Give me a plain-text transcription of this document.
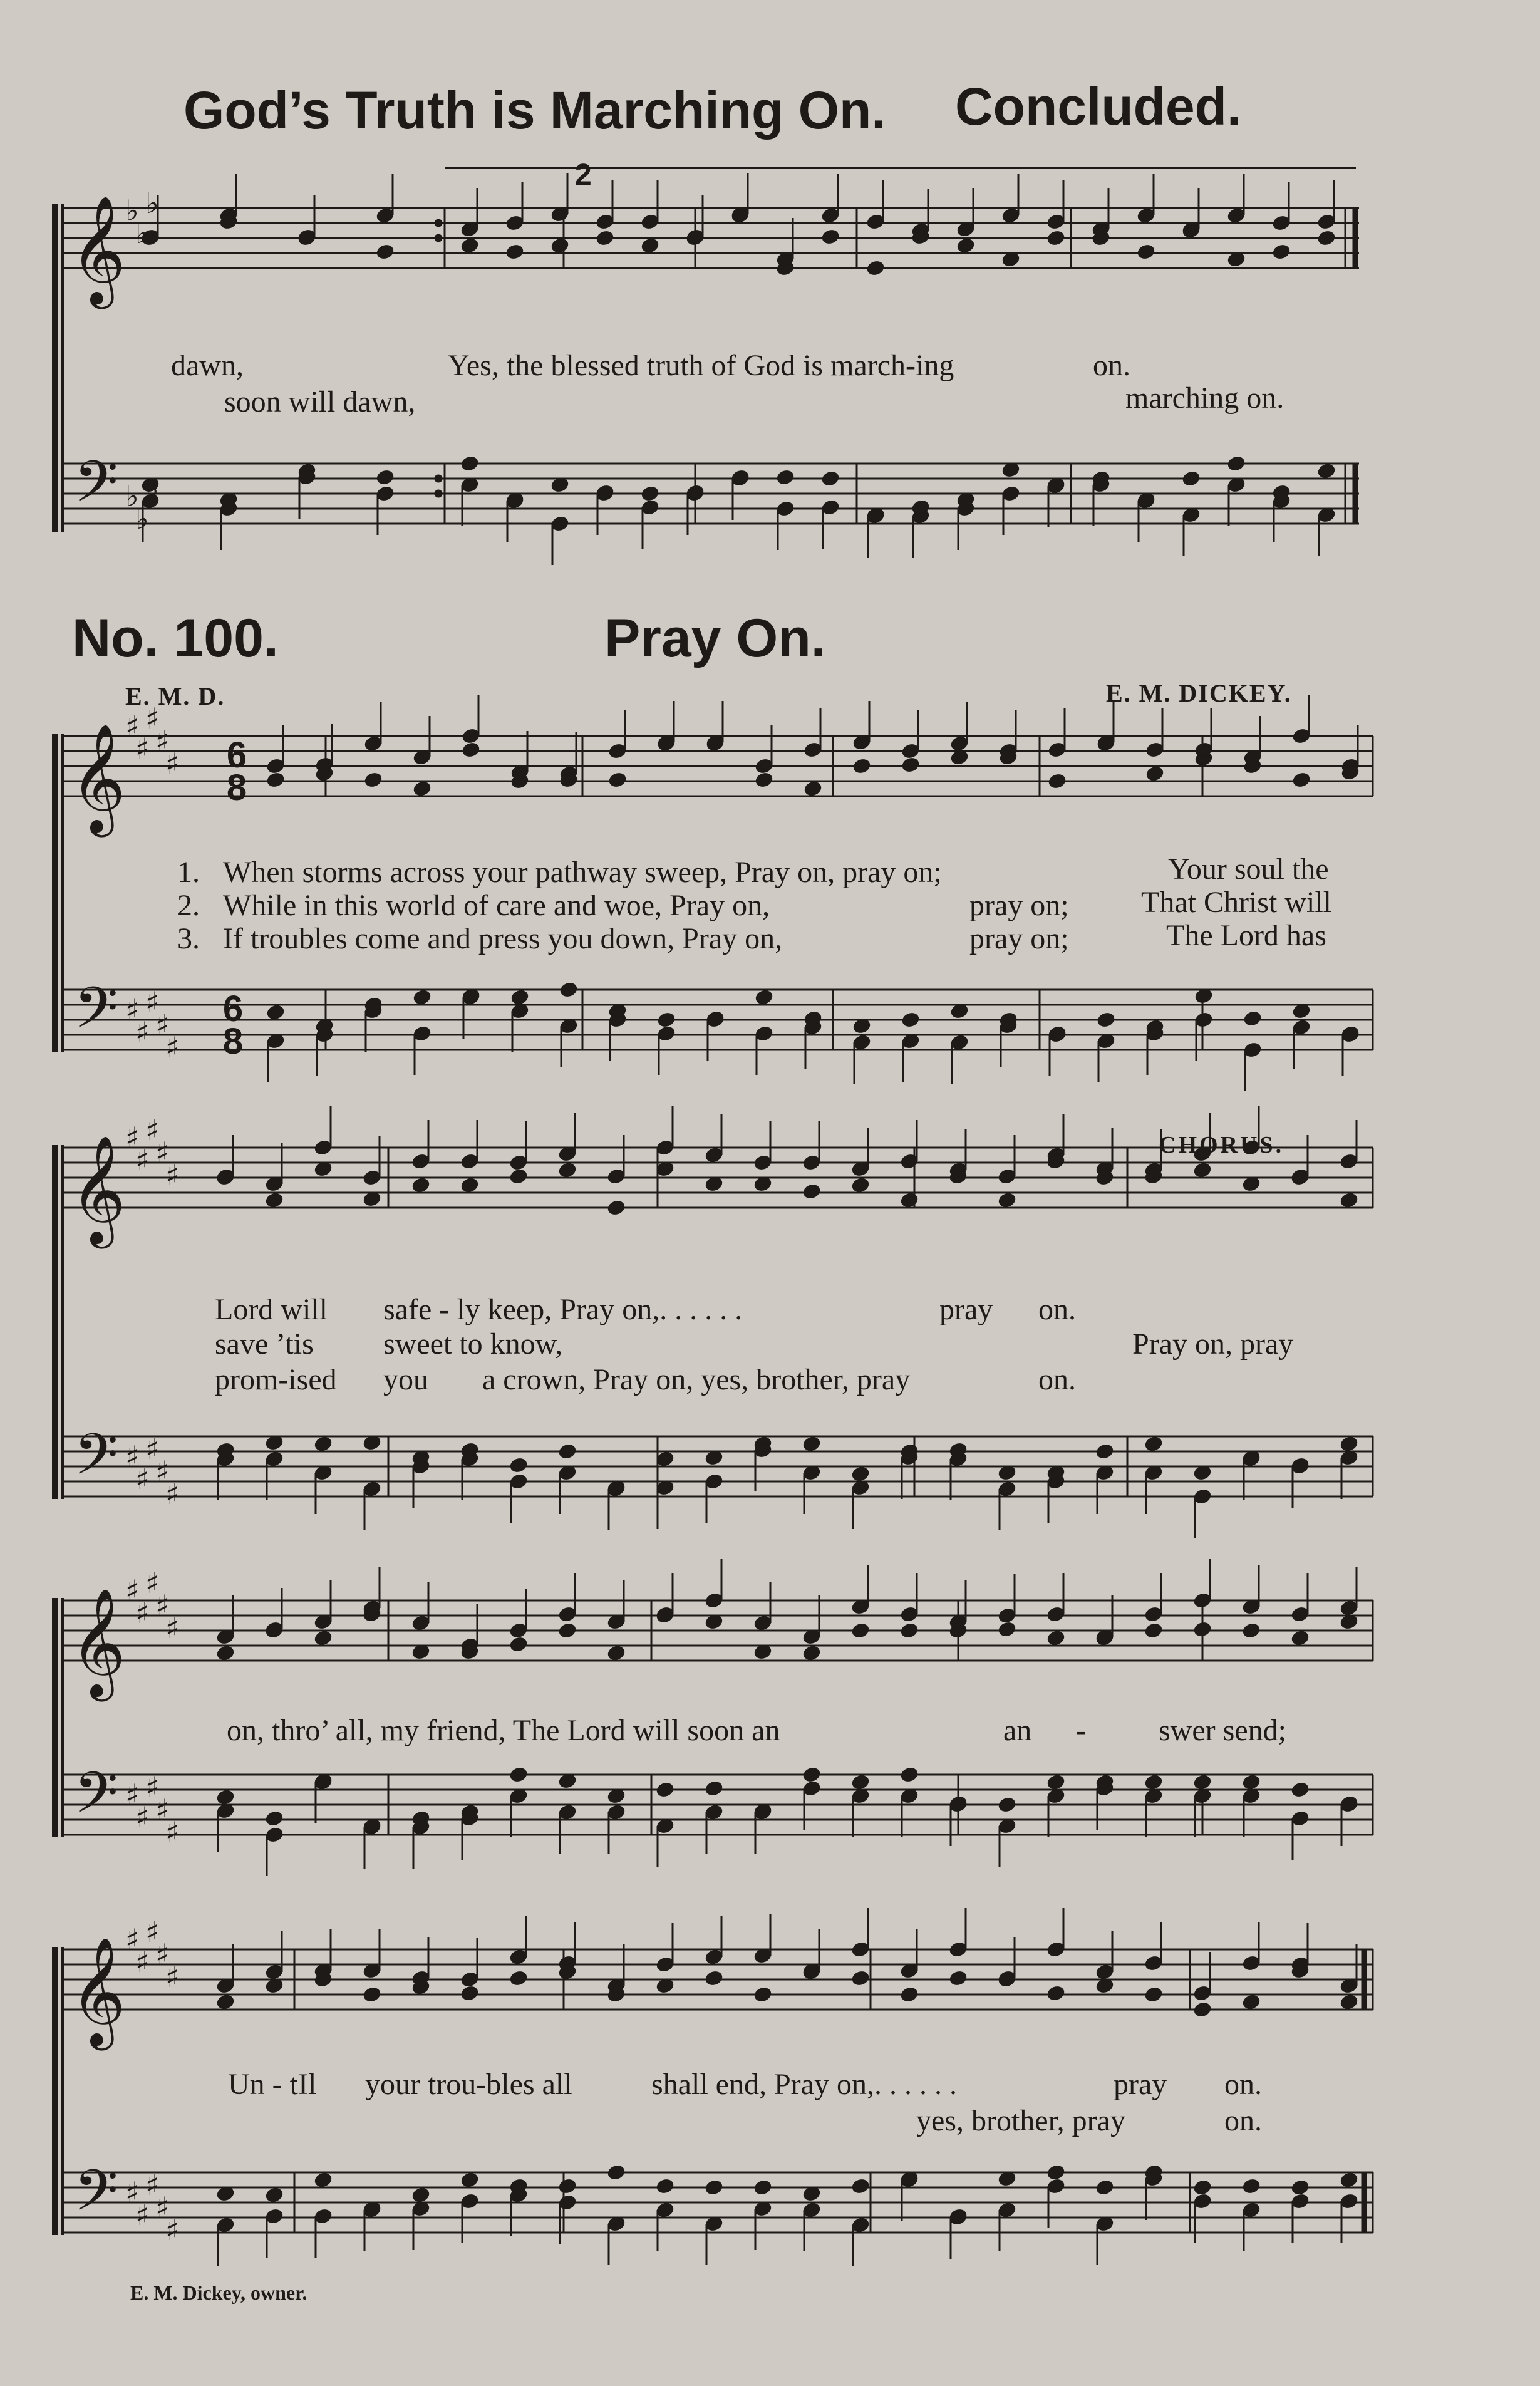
𝄞
𝄢
♭
♭
♭
♭
♭
♭
𝄞
𝄢
♯
♯
♯
♯
♯
♯
♯
♯
♯
♯
𝄞
𝄢
♯
♯
♯
♯
♯
♯
♯
♯
♯
♯
𝄞
𝄢
♯
♯
♯
♯
♯
♯
♯
♯
♯
♯
𝄞
𝄢
♯
♯
♯
♯
♯
♯
♯
♯
♯
♯
God’s Truth is Marching On. Concluded.
2
dawn,	Yes, the blessed truth of God is march-ing	on.
soon will dawn,	marching on.
No. 100.	Pray On.
E. M. D.	E. M. DICKEY.
6
8
6
8
1. When storms across your pathway sweep, Pray on, pray on;	Your soul the
2. While in this world of care and woe, Pray on,	pray on; That Christ will
3. If troubles come and press you down, Pray on,	pray on;	The Lord has
CHORUS.
Lord will safe - ly keep, Pray on,. . . . . .	pray on.
save ’tis sweet to know,	Pray on, pray
prom-ised you a crown, Pray on, yes, brother, pray	on.
on, thro’ all, my friend, The Lord will soon an	an - swer send;
Un - tIl your trou-bles all	shall end, Pray on,. . . . . .	pray on.
yes, brother, pray	on.
E. M. Dickey, owner.
